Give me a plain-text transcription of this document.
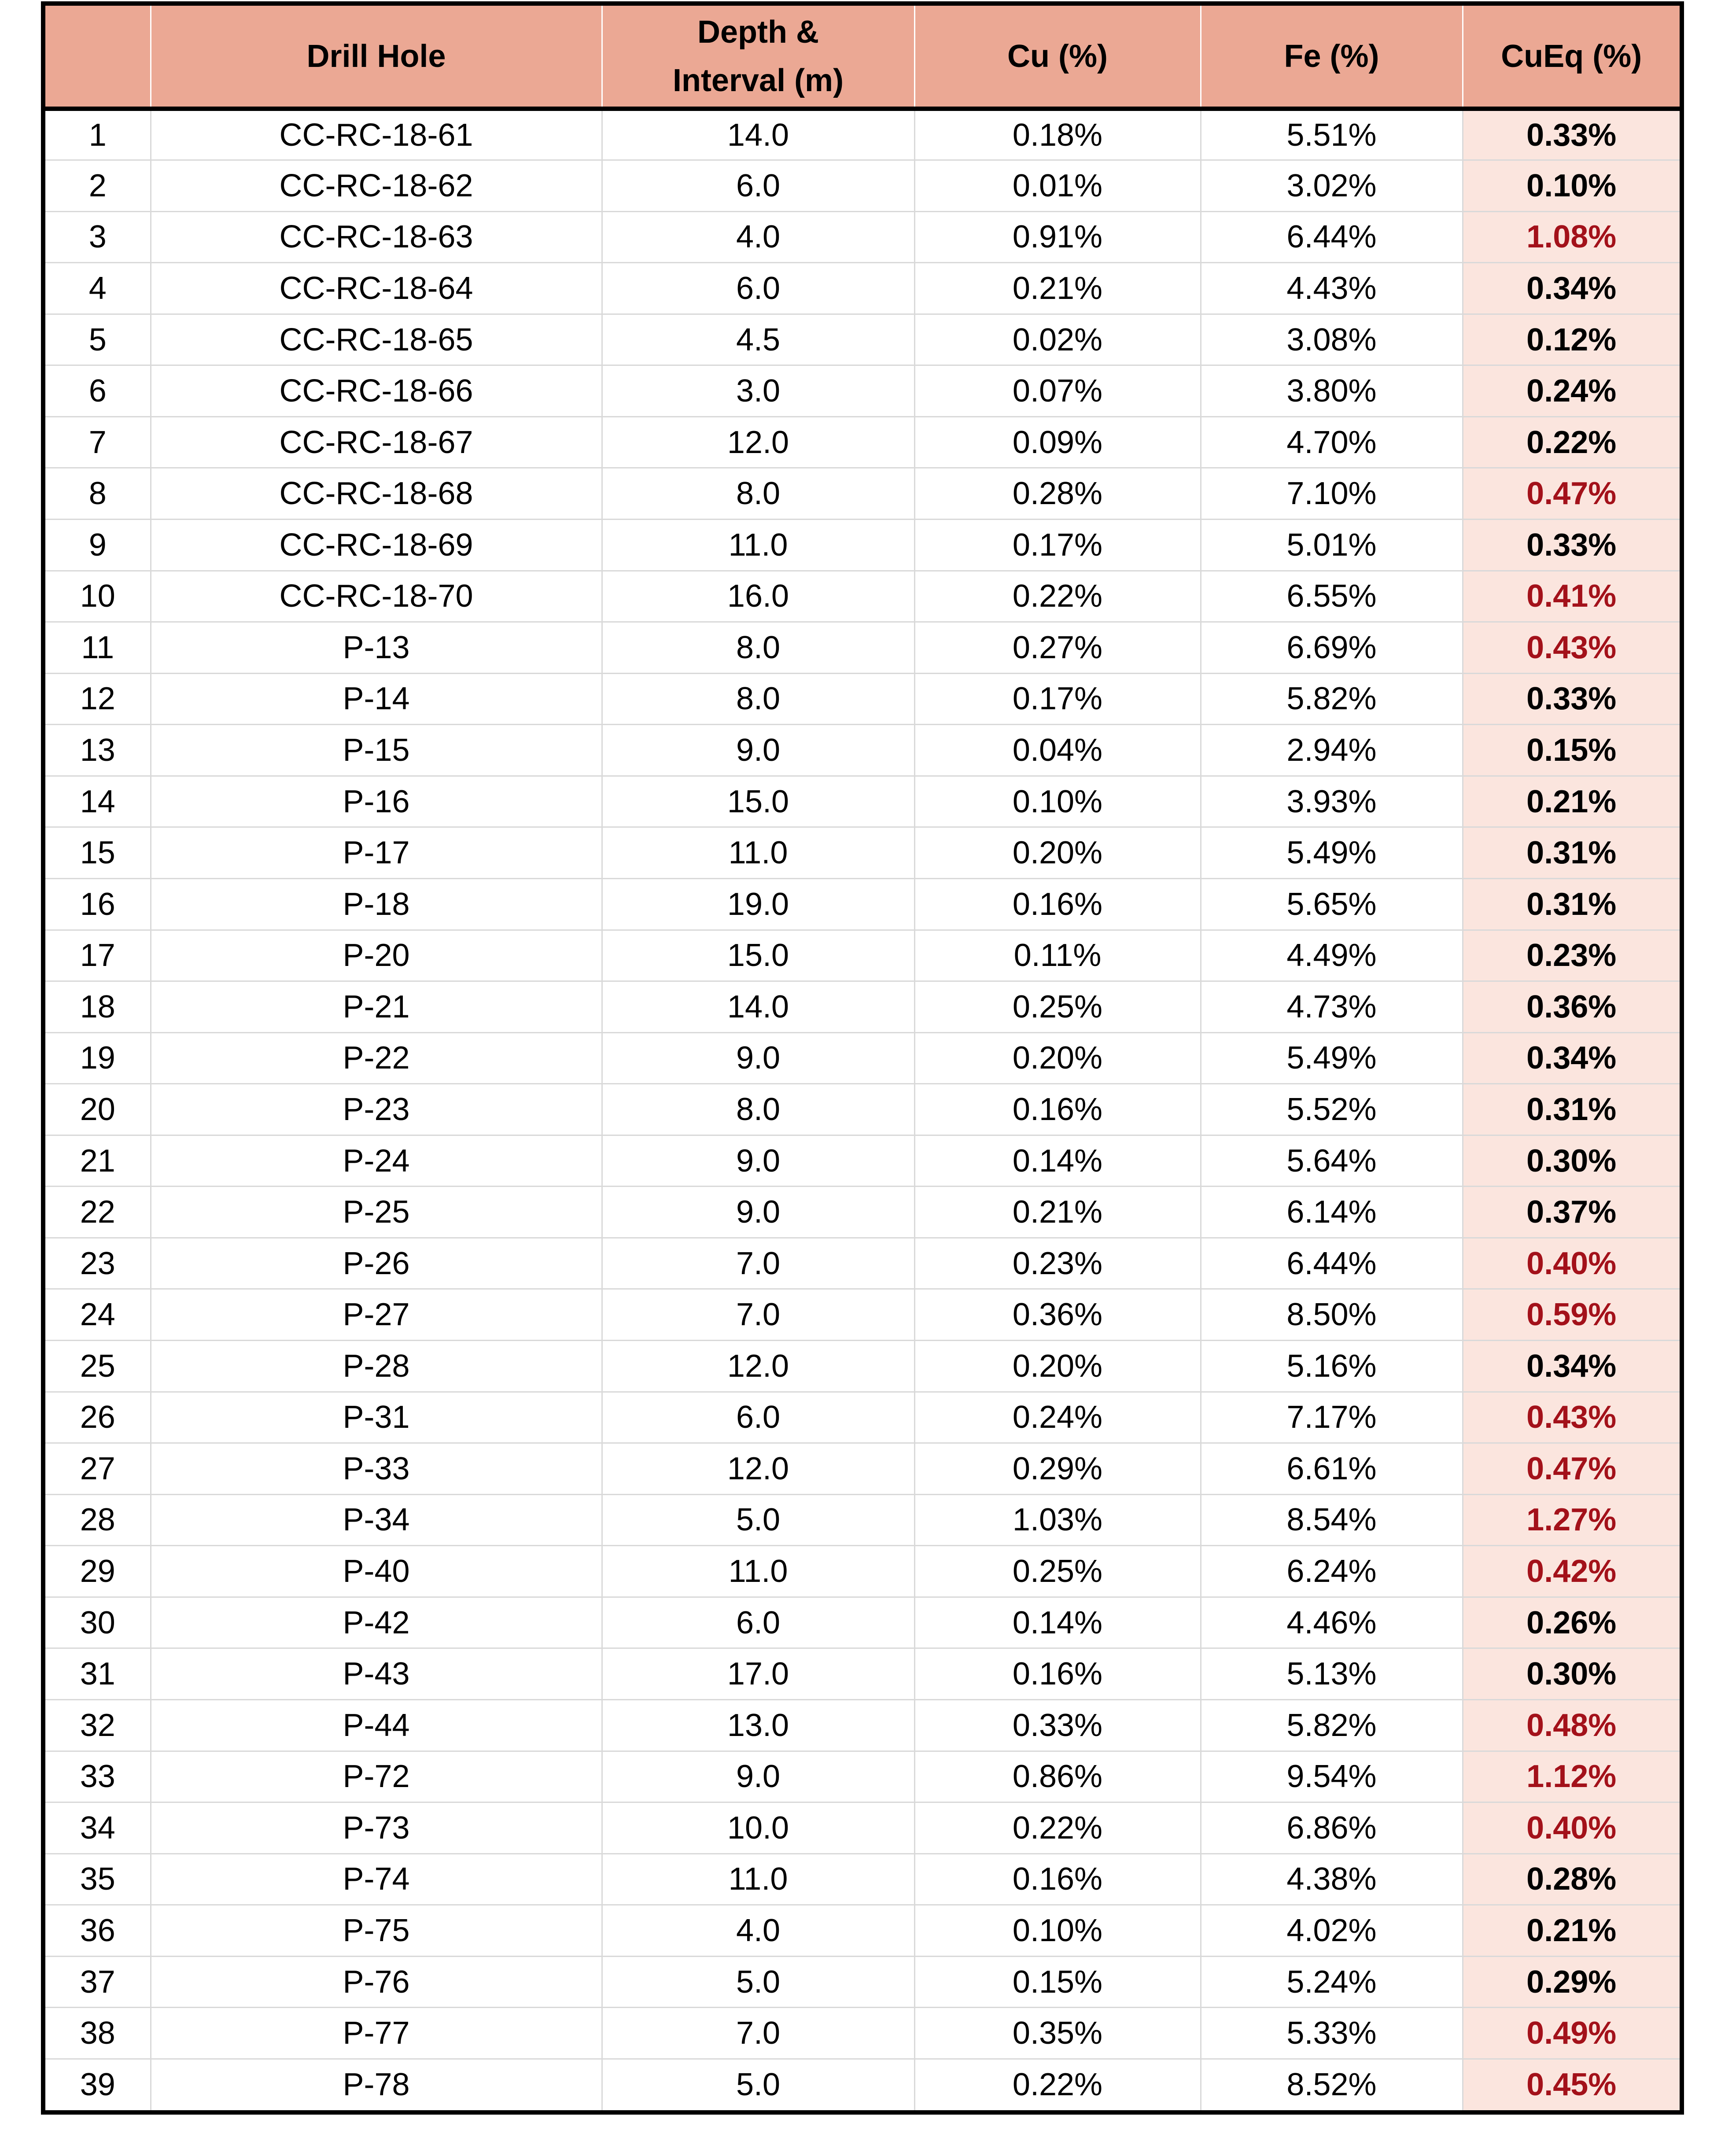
	Drill Hole	Depth &
Interval (m)	Cu (%)	Fe (%)	CuEq (%)
1	CC-RC-18-61	14.0	0.18%	5.51%	0.33%
2	CC-RC-18-62	6.0	0.01%	3.02%	0.10%
3	CC-RC-18-63	4.0	0.91%	6.44%	1.08%
4	CC-RC-18-64	6.0	0.21%	4.43%	0.34%
5	CC-RC-18-65	4.5	0.02%	3.08%	0.12%
6	CC-RC-18-66	3.0	0.07%	3.80%	0.24%
7	CC-RC-18-67	12.0	0.09%	4.70%	0.22%
8	CC-RC-18-68	8.0	0.28%	7.10%	0.47%
9	CC-RC-18-69	11.0	0.17%	5.01%	0.33%
10	CC-RC-18-70	16.0	0.22%	6.55%	0.41%
11	P-13	8.0	0.27%	6.69%	0.43%
12	P-14	8.0	0.17%	5.82%	0.33%
13	P-15	9.0	0.04%	2.94%	0.15%
14	P-16	15.0	0.10%	3.93%	0.21%
15	P-17	11.0	0.20%	5.49%	0.31%
16	P-18	19.0	0.16%	5.65%	0.31%
17	P-20	15.0	0.11%	4.49%	0.23%
18	P-21	14.0	0.25%	4.73%	0.36%
19	P-22	9.0	0.20%	5.49%	0.34%
20	P-23	8.0	0.16%	5.52%	0.31%
21	P-24	9.0	0.14%	5.64%	0.30%
22	P-25	9.0	0.21%	6.14%	0.37%
23	P-26	7.0	0.23%	6.44%	0.40%
24	P-27	7.0	0.36%	8.50%	0.59%
25	P-28	12.0	0.20%	5.16%	0.34%
26	P-31	6.0	0.24%	7.17%	0.43%
27	P-33	12.0	0.29%	6.61%	0.47%
28	P-34	5.0	1.03%	8.54%	1.27%
29	P-40	11.0	0.25%	6.24%	0.42%
30	P-42	6.0	0.14%	4.46%	0.26%
31	P-43	17.0	0.16%	5.13%	0.30%
32	P-44	13.0	0.33%	5.82%	0.48%
33	P-72	9.0	0.86%	9.54%	1.12%
34	P-73	10.0	0.22%	6.86%	0.40%
35	P-74	11.0	0.16%	4.38%	0.28%
36	P-75	4.0	0.10%	4.02%	0.21%
37	P-76	5.0	0.15%	5.24%	0.29%
38	P-77	7.0	0.35%	5.33%	0.49%
39	P-78	5.0	0.22%	8.52%	0.45%
